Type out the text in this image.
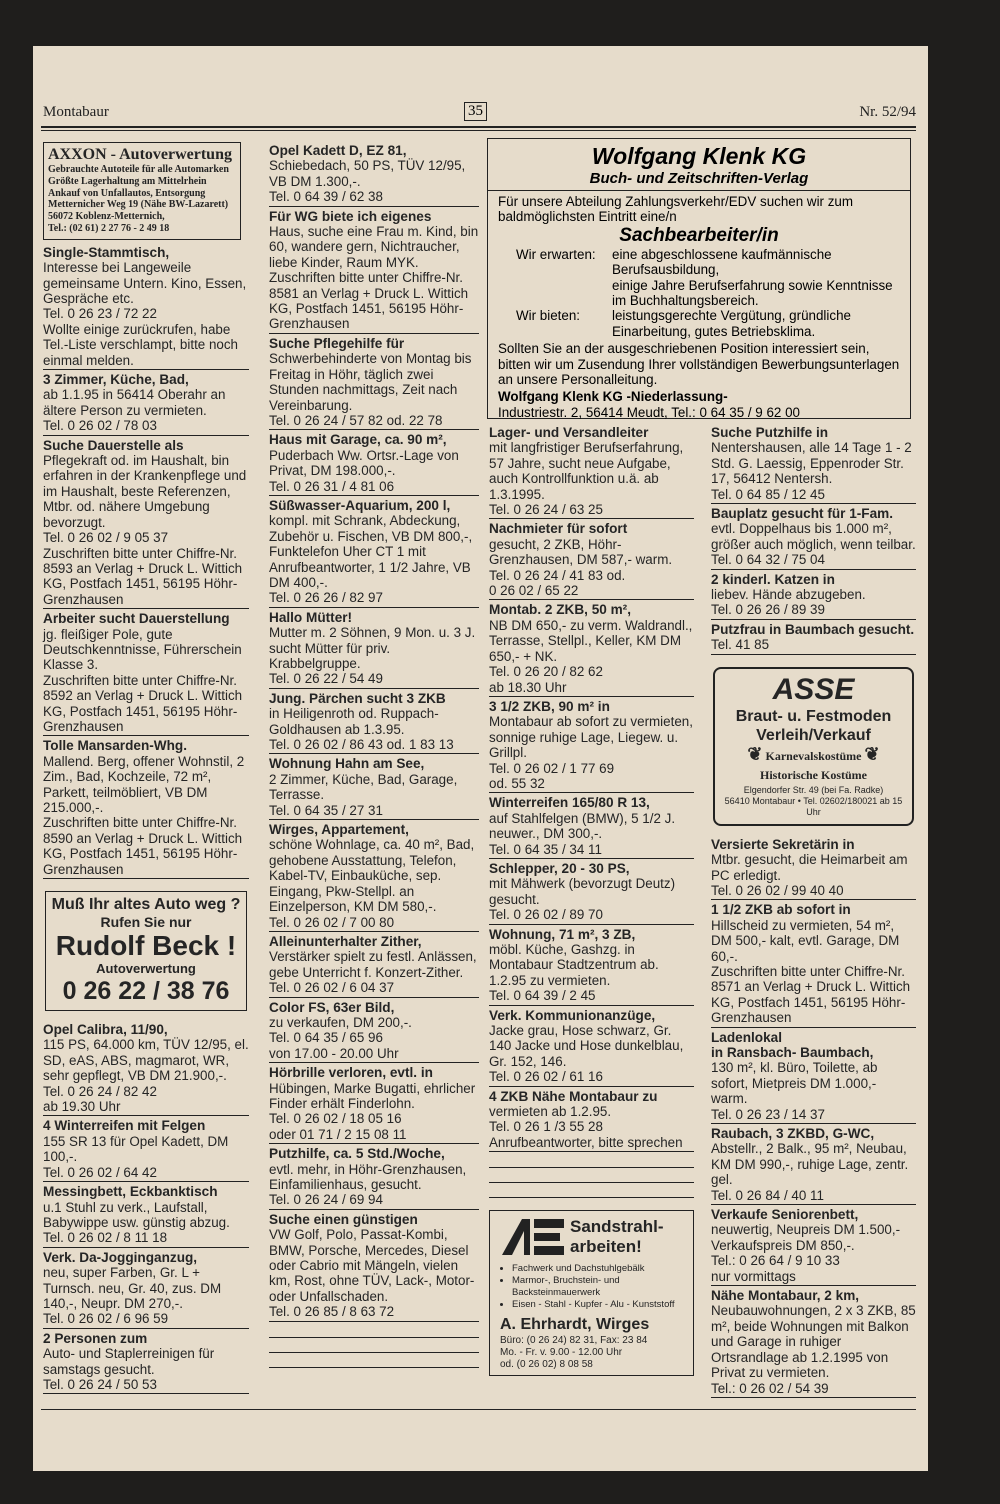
Montabaur	35	Nr. 52/94
AXXON - Autoverwertung
Gebrauchte Autoteile für alle Automarken
Größte Lagerhaltung am Mittelrhein
Ankauf von Unfallautos, Entsorgung
Metternicher Weg 19 (Nähe BW-Lazarett)
56072 Koblenz-Metternich,
Tel.: (02 61) 2 27 76 - 2 49 18
Single-Stammtisch,
Interesse bei Langeweile gemeinsame Untern. Kino, Essen, Gespräche etc.
Tel. 0 26 23 / 72 22
Wollte einige zurückrufen, habe Tel.-Liste verschlampt, bitte noch einmal melden.
3 Zimmer, Küche, Bad,
ab 1.1.95 in 56414 Oberahr an ältere Person zu vermieten.
Tel. 0 26 02 / 78 03
Suche Dauerstelle als
Pflegekraft od. im Haushalt, bin erfahren in der Krankenpflege und im Haushalt, beste Referenzen, Mtbr. od. nähere Umgebung bevorzugt.
Tel. 0 26 02 / 9 05 37
Zuschriften bitte unter Chiffre-Nr. 8593 an Verlag + Druck L. Wittich KG, Postfach 1451, 56195 Höhr-Grenzhausen
Arbeiter sucht Dauerstellung
jg. fleißiger Pole, gute Deutschkenntnisse, Führerschein Klasse 3.
Zuschriften bitte unter Chiffre-Nr. 8592 an Verlag + Druck L. Wittich KG, Postfach 1451, 56195 Höhr-Grenzhausen
Tolle Mansarden-Whg.
Mallend. Berg, offener Wohnstil, 2 Zim., Bad, Kochzeile, 72 m², Parkett, teilmöbliert, VB DM 215.000,-.
Zuschriften bitte unter Chiffre-Nr. 8590 an Verlag + Druck L. Wittich KG, Postfach 1451, 56195 Höhr-Grenzhausen
Muß Ihr altes Auto weg ?
Rufen Sie nur
Rudolf Beck !
Autoverwertung
0 26 22 / 38 76
Opel Calibra, 11/90,
115 PS, 64.000 km, TÜV 12/95, el. SD, eAS, ABS, magmarot, WR, sehr gepflegt, VB DM 21.900,-.
Tel. 0 26 24 / 82 42
ab 19.30 Uhr
4 Winterreifen mit Felgen
155 SR 13 für Opel Kadett, DM 100,-.
Tel. 0 26 02 / 64 42
Messingbett, Eckbanktisch
u.1 Stuhl zu verk., Laufstall, Babywippe usw. günstig abzug.
Tel. 0 26 02 / 8 11 18
Verk. Da-Jogginganzug,
neu, super Farben, Gr. L + Turnsch. neu, Gr. 40, zus. DM 140,-, Neupr. DM 270,-.
Tel. 0 26 02 / 6 96 59
2 Personen zum
Auto- und Staplerreinigen für samstags gesucht.
Tel. 0 26 24 / 50 53
Opel Kadett D, EZ 81,
Schiebedach, 50 PS, TÜV 12/95, VB DM 1.300,-.
Tel. 0 64 39 / 62 38
Für WG biete ich eigenes
Haus, suche eine Frau m. Kind, bin 60, wandere gern, Nichtraucher, liebe Kinder, Raum MYK.
Zuschriften bitte unter Chiffre-Nr. 8581 an Verlag + Druck L. Wittich KG, Postfach 1451, 56195 Höhr-Grenzhausen
Suche Pflegehilfe für
Schwerbehinderte von Montag bis Freitag in Höhr, täglich zwei Stunden nachmittags, Zeit nach Vereinbarung.
Tel. 0 26 24 / 57 82 od. 22 78
Haus mit Garage, ca. 90 m²,
Puderbach Ww. Ortsr.-Lage von Privat, DM 198.000,-.
Tel. 0 26 31 / 4 81 06
Süßwasser-Aquarium, 200 l,
kompl. mit Schrank, Abdeckung, Zubehör u. Fischen, VB DM 800,-, Funktelefon Uher CT 1 mit Anrufbeantworter, 1 1/2 Jahre, VB DM 400,-.
Tel. 0 26 26 / 82 97
Hallo Mütter!
Mutter m. 2 Söhnen, 9 Mon. u. 3 J. sucht Mütter für priv. Krabbelgruppe.
Tel. 0 26 22 / 54 49
Jung. Pärchen sucht 3 ZKB
in Heiligenroth od. Ruppach-Goldhausen ab 1.3.95.
Tel. 0 26 02 / 86 43 od. 1 83 13
Wohnung Hahn am See,
2 Zimmer, Küche, Bad, Garage, Terrasse.
Tel. 0 64 35 / 27 31
Wirges, Appartement,
schöne Wohnlage, ca. 40 m², Bad, gehobene Ausstattung, Telefon, Kabel-TV, Einbauküche, sep. Eingang, Pkw-Stellpl. an Einzelperson, KM DM 580,-.
Tel. 0 26 02 / 7 00 80
Alleinunterhalter Zither,
Verstärker spielt zu festl. Anlässen, gebe Unterricht f. Konzert-Zither.
Tel. 0 26 02 / 6 04 37
Color FS, 63er Bild,
zu verkaufen, DM 200,-.
Tel. 0 64 35 / 65 96
von 17.00 - 20.00 Uhr
Hörbrille verloren, evtl. in
Hübingen, Marke Bugatti, ehrlicher Finder erhält Finderlohn.
Tel. 0 26 02 / 18 05 16
oder 01 71 / 2 15 08 11
Putzhilfe, ca. 5 Std./Woche,
evtl. mehr, in Höhr-Grenzhausen, Einfamilienhaus, gesucht.
Tel. 0 26 24 / 69 94
Suche einen günstigen
VW Golf, Polo, Passat-Kombi, BMW, Porsche, Mercedes, Diesel oder Cabrio mit Mängeln, vielen km, Rost, ohne TÜV, Lack-, Motor- oder Unfallschaden.
Tel. 0 26 85 / 8 63 72
Wolfgang Klenk KG
Buch- und Zeitschriften-Verlag
Für unsere Abteilung Zahlungsverkehr/EDV suchen wir zum baldmöglichsten Eintritt eine/n
Sachbearbeiter/in
Wir erwarten:	eine abgeschlossene kaufmännische Berufsausbildung,
einige Jahre Berufserfahrung sowie Kenntnisse im Buchhaltungsbereich.
Wir bieten:	leistungsgerechte Vergütung, gründliche Einarbeitung, gutes Betriebsklima.
Sollten Sie an der ausgeschriebenen Position interessiert sein, bitten wir um Zusendung Ihrer vollständigen Bewerbungsunterlagen an unsere Personalleitung.
Wolfgang Klenk KG -Niederlassung-
Industriestr. 2, 56414 Meudt, Tel.: 0 64 35 / 9 62 00
Lager- und Versandleiter
mit langfristiger Berufserfahrung, 57 Jahre, sucht neue Aufgabe, auch Kontrollfunktion u.ä. ab 1.3.1995.
Tel. 0 26 24 / 63 25
Nachmieter für sofort
gesucht, 2 ZKB, Höhr-Grenzhausen, DM 587,- warm.
Tel. 0 26 24 / 41 83 od.
0 26 02 / 65 22
Montab. 2 ZKB, 50 m²,
NB DM 650,- zu verm. Waldrandl., Terrasse, Stellpl., Keller, KM DM 650,- + NK.
Tel. 0 26 20 / 82 62
ab 18.30 Uhr
3 1/2 ZKB, 90 m² in
Montabaur ab sofort zu vermieten, sonnige ruhige Lage, Liegew. u. Grillpl.
Tel. 0 26 02 / 1 77 69
od. 55 32
Winterreifen 165/80 R 13,
auf Stahlfelgen (BMW), 5 1/2 J. neuwer., DM 300,-.
Tel. 0 64 35 / 34 11
Schlepper, 20 - 30 PS,
mit Mähwerk (bevorzugt Deutz) gesucht.
Tel. 0 26 02 / 89 70
Wohnung, 71 m², 3 ZB,
möbl. Küche, Gashzg. in Montabaur Stadtzentrum ab. 1.2.95 zu vermieten.
Tel. 0 64 39 / 2 45
Verk. Kommunionanzüge,
Jacke grau, Hose schwarz, Gr. 140 Jacke und Hose dunkelblau, Gr. 152, 146.
Tel. 0 26 02 / 61 16
4 ZKB Nähe Montabaur zu
vermieten ab 1.2.95.
Tel. 0 26 1 /3 55 28
Anrufbeantworter, bitte sprechen
Sandstrahl-
arbeiten!
• Fachwerk und Dachstuhlgebälk
• Marmor-, Bruchstein- und Backsteinmauerwerk
• Eisen - Stahl - Kupfer - Alu - Kunststoff
A. Ehrhardt, Wirges
Büro: (0 26 24) 82 31, Fax: 23 84
Mo. - Fr. v. 9.00 - 12.00 Uhr
od. (0 26 02) 8 08 58
Suche Putzhilfe in
Nentershausen, alle 14 Tage 1 - 2 Std. G. Laessig, Eppenroder Str. 17, 56412 Nentersh.
Tel. 0 64 85 / 12 45
Bauplatz gesucht für 1-Fam.
evtl. Doppelhaus bis 1.000 m², größer auch möglich, wenn teilbar.
Tel. 0 64 32 / 75 04
2 kinderl. Katzen in
liebev. Hände abzugeben.
Tel. 0 26 26 / 89 39
Putzfrau in Baumbach gesucht.
Tel. 41 85
ASSE
Braut- u. Festmoden
Verleih/Verkauf
❦ Karnevalskostüme ❦
Historische Kostüme
Elgendorfer Str. 49 (bei Fa. Radke)
56410 Montabaur • Tel. 02602/180021 ab 15 Uhr
Versierte Sekretärin in
Mtbr. gesucht, die Heimarbeit am PC erledigt.
Tel. 0 26 02 / 99 40 40
1 1/2 ZKB ab sofort in
Hillscheid zu vermieten, 54 m², DM 500,- kalt, evtl. Garage, DM 60,-.
Zuschriften bitte unter Chiffre-Nr. 8571 an Verlag + Druck L. Wittich KG, Postfach 1451, 56195 Höhr-Grenzhausen
Ladenlokal
in Ransbach- Baumbach,
130 m², kl. Büro, Toilette, ab sofort, Mietpreis DM 1.000,- warm.
Tel. 0 26 23 / 14 37
Raubach, 3 ZKBD, G-WC,
Abstellr., 2 Balk., 95 m², Neubau, KM DM 990,-, ruhige Lage, zentr. gel.
Tel. 0 26 84 / 40 11
Verkaufe Seniorenbett,
neuwertig, Neupreis DM 1.500,-Verkaufspreis DM 850,-.
Tel.: 0 26 64 / 9 10 33
nur vormittags
Nähe Montabaur, 2 km,
Neubauwohnungen, 2 x 3 ZKB, 85 m², beide Wohnungen mit Balkon und Garage in ruhiger Ortsrandlage ab 1.2.1995 von Privat zu vermieten.
Tel.: 0 26 02 / 54 39
